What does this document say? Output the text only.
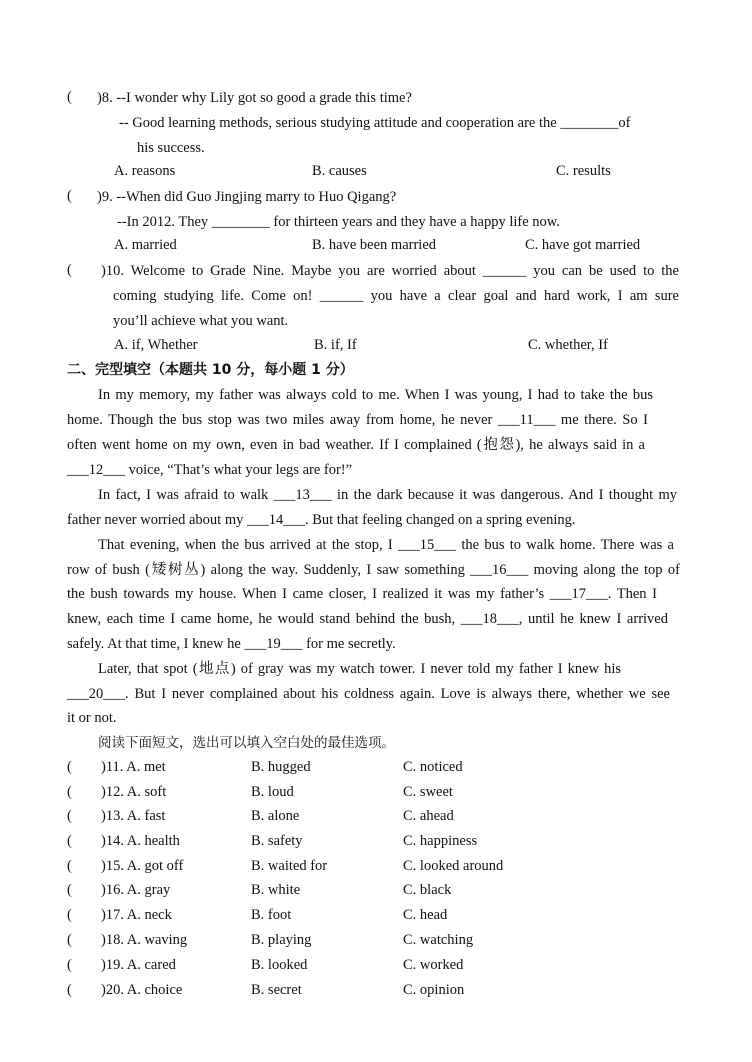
( )8. --I wonder why Lily got so good a grade this time?
-- Good learning methods, serious studying attitude and cooperation are the ________of
his success.
A. reasons	B. causes	C. results
( )9. --When did Guo Jingjing marry to Huo Qigang?
--In 2012. They ________ for thirteen years and they have a happy life now.
A. married	B. have been married	C. have got married
( )10. Welcome to Grade Nine. Maybe you are worried about ______ you can be used to the
coming studying life. Come on! ______ you have a clear goal and hard work, I am sure
you’ll achieve what you want.
A. if, Whether	B. if, If	C. whether, If
二、完型填空（本题共 10 分，每小题 1 分）
In my memory, my father was always cold to me. When I was young, I had to take the bus
home. Though the bus stop was two miles away from home, he never ___11___ me there. So I
often went home on my own, even in bad weather. If I complained (抱怨), he always said in a
___12___ voice, “That’s what your legs are for!”
In fact, I was afraid to walk ___13___ in the dark because it was dangerous. And I thought my
father never worried about my ___14___. But that feeling changed on a spring evening.
That evening, when the bus arrived at the stop, I ___15___ the bus to walk home. There was a
row of bush (矮树丛) along the way. Suddenly, I saw something ___16___ moving along the top of
the bush towards my house. When I came closer, I realized it was my father’s ___17___. Then I
knew, each time I came home, he would stand behind the bush, ___18___, until he knew I arrived
safely. At that time, I knew he ___19___ for me secretly.
Later, that spot (地点) of gray was my watch tower. I never told my father I knew his
___20___. But I never complained about his coldness again. Love is always there, whether we see
it or not.
阅读下面短文，选出可以填入空白处的最佳选项。
( )11. A. met	B. hugged	C. noticed
( )12. A. soft	B. loud	C. sweet
( )13. A. fast	B. alone	C. ahead
( )14. A. health	B. safety	C. happiness
( )15. A. got off	B. waited for	C. looked around
( )16. A. gray	B. white	C. black
( )17. A. neck	B. foot	C. head
( )18. A. waving	B. playing	C. watching
( )19. A. cared	B. looked	C. worked
( )20. A. choice	B. secret	C. opinion
